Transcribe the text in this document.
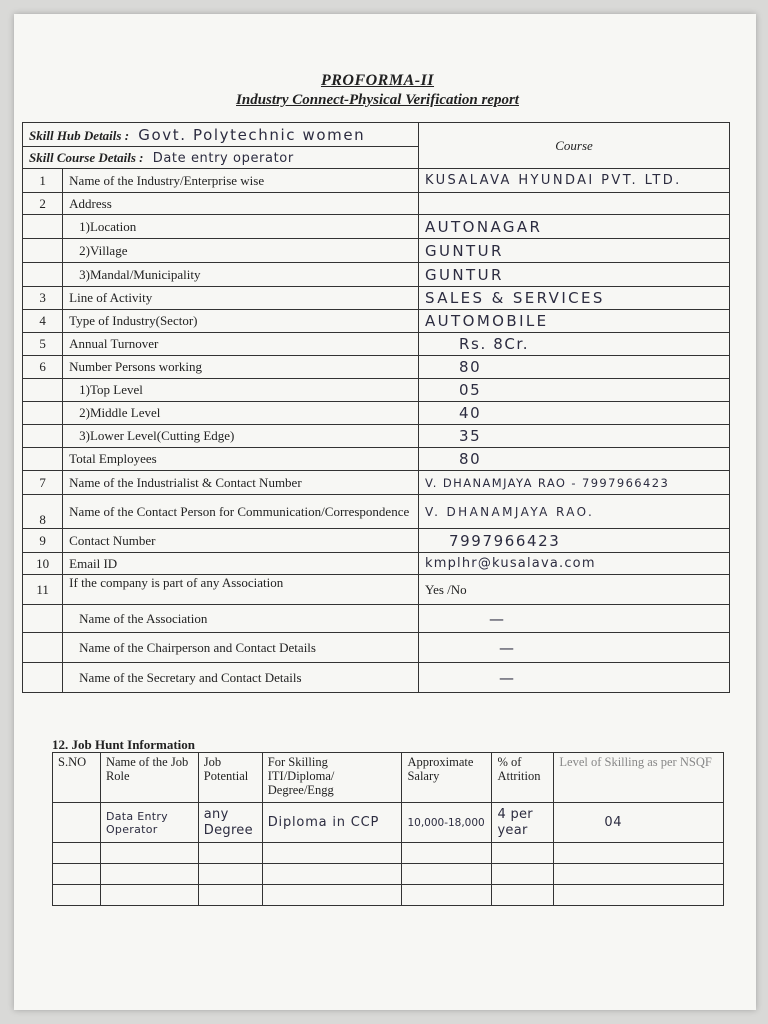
PROFORMA-II
Industry Connect-Physical Verification report
Skill Hub Details : Govt. Polytechnic women		Course
Skill Course Details : Date entry operator		
1	Name of the Industry/Enterprise wise	KUSALAVA HYUNDAI PVT. LTD.
2	Address	
	1)Location	AUTONAGAR
	2)Village	GUNTUR
	3)Mandal/Municipality	GUNTUR
3	Line of Activity	SALES & SERVICES
4	Type of Industry(Sector)	AUTOMOBILE
5	Annual Turnover	Rs. 8Cr.
6	Number Persons working	80
	1)Top Level	05
	2)Middle Level	40
	3)Lower Level(Cutting Edge)	35
	Total Employees	80
7	Name of the Industrialist & Contact Number	V. DHANAMJAYA RAO - 7997966423
8	Name of the Contact Person for Communication/Correspondence	V. DHANAMJAYA RAO.
9	Contact Number	7997966423
10	Email ID	kmplhr@kusalava.com
11	If the company is part of any Association	Yes /No
	Name of the Association	—
	Name of the Chairperson and Contact Details	—
	Name of the Secretary and Contact Details	—
12. Job Hunt Information
S.NO	Name of the Job Role	Job Potential	For Skilling ITI/Diploma/ Degree/Engg	Approximate Salary	% of Attrition	Level of Skilling as per NSQF
	Data Entry Operator	any Degree	Diploma in CCP	10,000-18,000	4 per year	04
